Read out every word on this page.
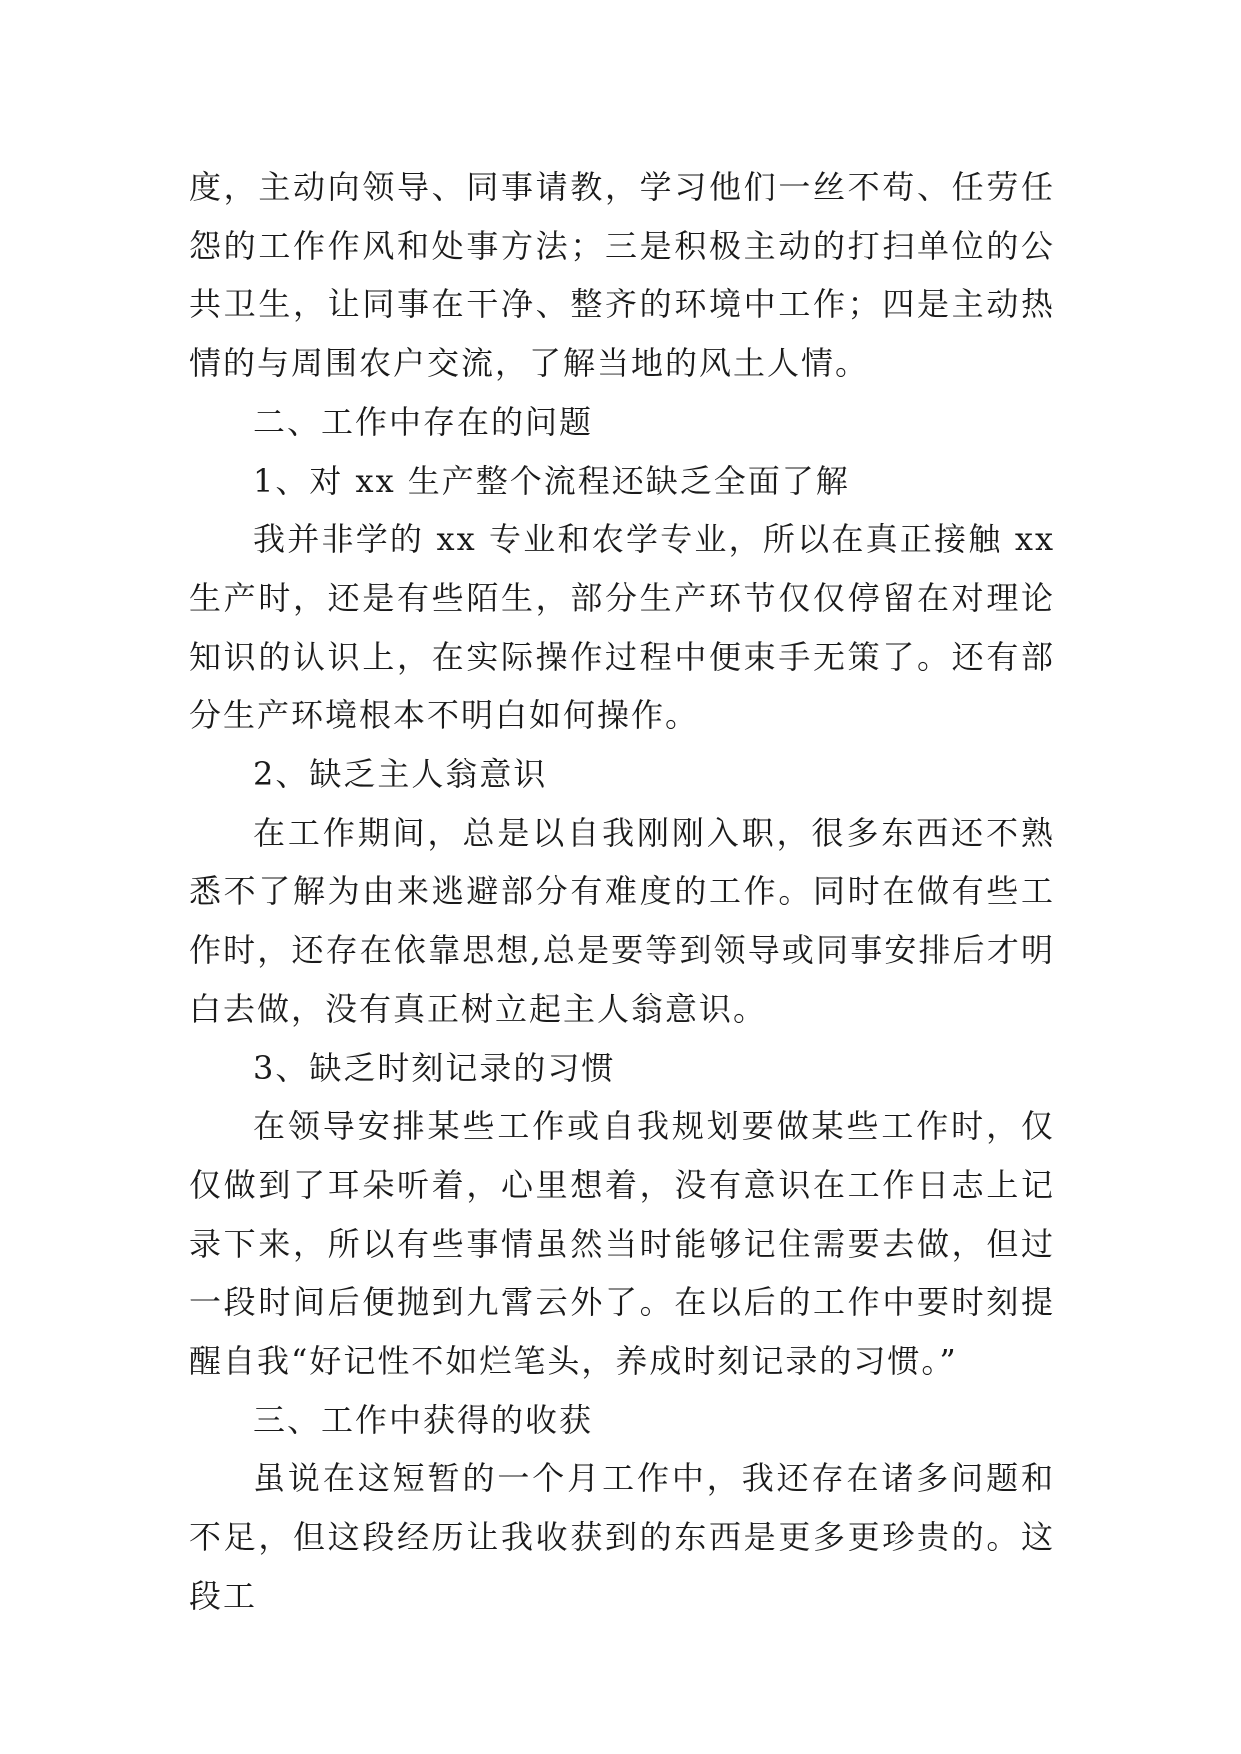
度，主动向领导、同事请教，学习他们一丝不苟、任劳任怨的工作作风和处事方法；三是积极主动的打扫单位的公共卫生，让同事在干净、整齐的环境中工作；四是主动热情的与周围农户交流，了解当地的风土人情。

二、工作中存在的问题

1、对 xx 生产整个流程还缺乏全面了解

我并非学的 xx 专业和农学专业，所以在真正接触 xx 生产时，还是有些陌生，部分生产环节仅仅停留在对理论知识的认识上，在实际操作过程中便束手无策了。还有部分生产环境根本不明白如何操作。

2、缺乏主人翁意识

在工作期间，总是以自我刚刚入职，很多东西还不熟悉不了解为由来逃避部分有难度的工作。同时在做有些工作时，还存在依靠思想,总是要等到领导或同事安排后才明白去做，没有真正树立起主人翁意识。

3、缺乏时刻记录的习惯

在领导安排某些工作或自我规划要做某些工作时，仅仅做到了耳朵听着，心里想着，没有意识在工作日志上记录下来，所以有些事情虽然当时能够记住需要去做，但过一段时间后便抛到九霄云外了。在以后的工作中要时刻提醒自我“好记性不如烂笔头，养成时刻记录的习惯。”

三、工作中获得的收获

虽说在这短暂的一个月工作中，我还存在诸多问题和不足，但这段经历让我收获到的东西是更多更珍贵的。这段工
